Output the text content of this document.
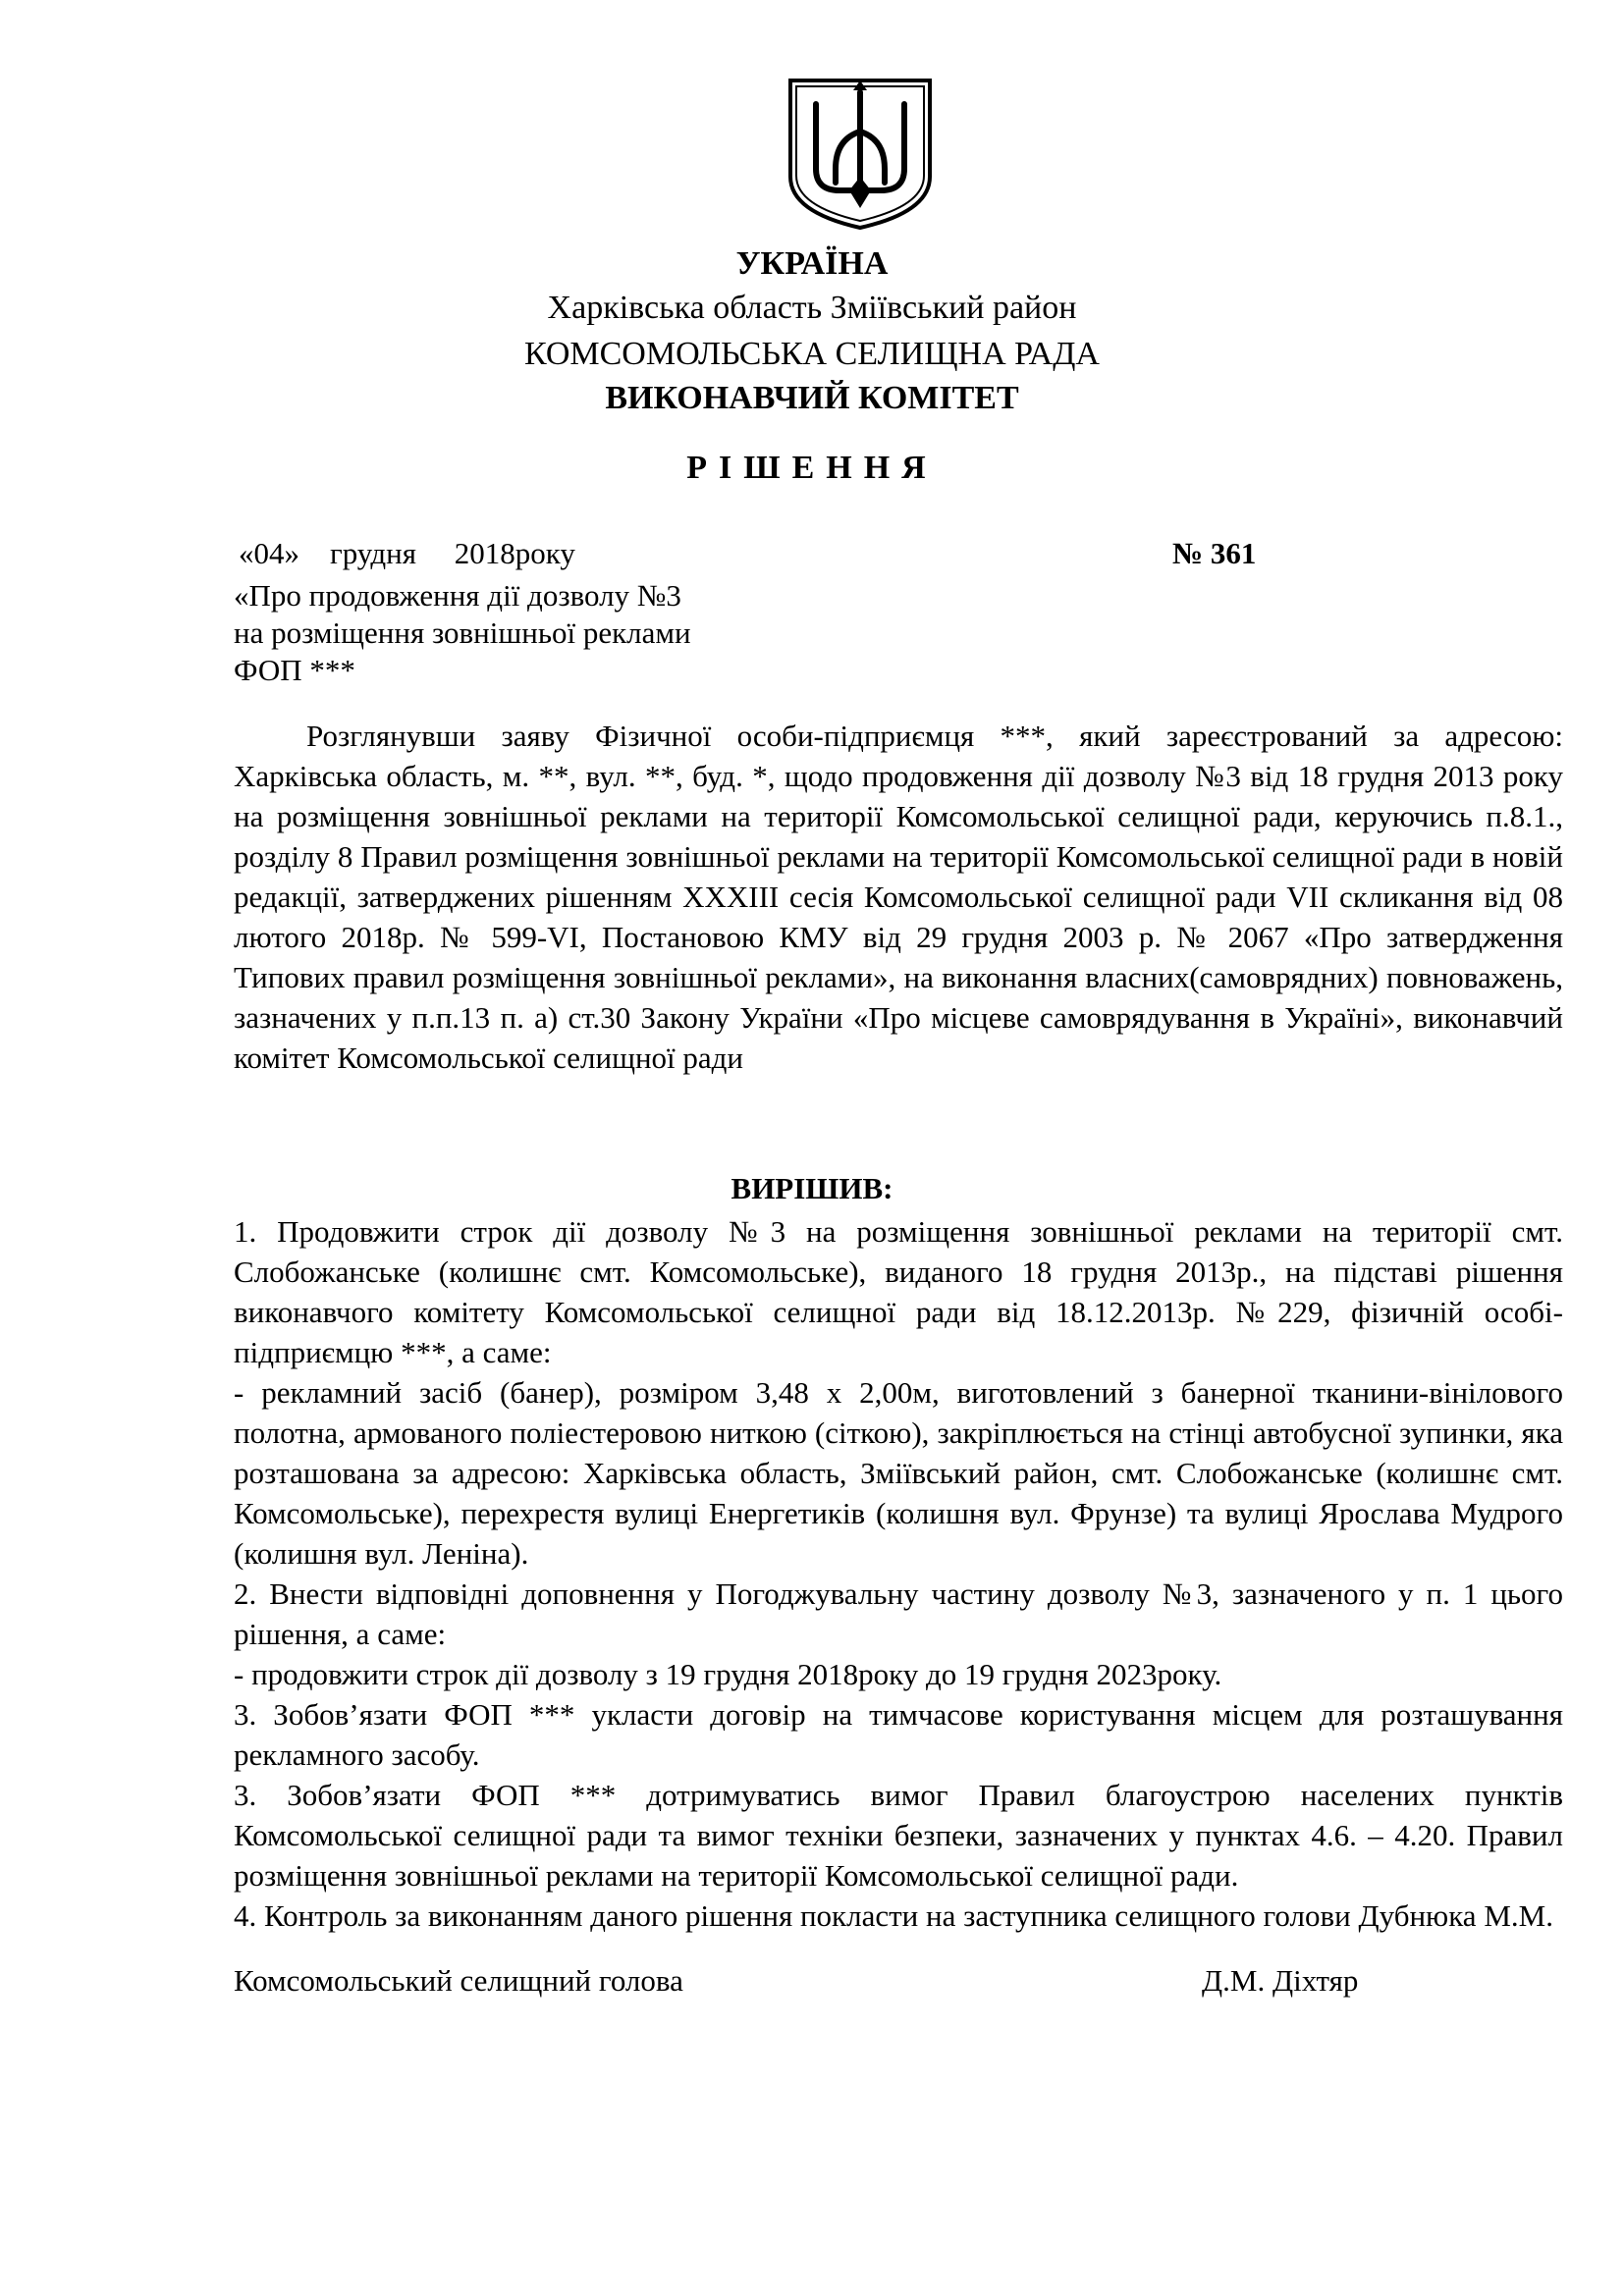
УКРАЇНА
Харківська область Зміївський район
КОМСОМОЛЬСЬКА СЕЛИЩНА РАДА
ВИКОНАВЧИЙ КОМІТЕТ
РІШЕННЯ
«04»    грудня     2018року	№ 361
«Про продовження дії дозволу №3
на розміщення зовнішньої реклами
ФОП ***
Розглянувши заяву Фізичної особи-підприємця ***, який зареєстрований за адресою: Харківська область, м. **, вул. **, буд. *, щодо продовження дії дозволу №3 від 18 грудня 2013 року на розміщення зовнішньої реклами на території Комсомольської селищної ради, керуючись п.8.1., розділу 8 Правил розміщення зовнішньої реклами на території Комсомольської селищної ради в новій редакції, затверджених рішенням XXXIII сесія Комсомольської селищної ради VII скликання від 08 лютого 2018р. № 599-VI, Постановою КМУ від 29 грудня 2003 р. № 2067 «Про затвердження Типових правил розміщення зовнішньої реклами», на виконання власних(самоврядних) повноважень, зазначених у п.п.13 п. а) ст.30 Закону України «Про місцеве самоврядування в Україні», виконавчий комітет Комсомольської селищної ради
ВИРІШИВ:

1. Продовжити строк дії дозволу №3 на розміщення зовнішньої реклами на території смт. Слобожанське (колишнє смт. Комсомольське), виданого 18 грудня 2013р., на підставі рішення виконавчого комітету Комсомольської селищної ради від 18.12.2013р. №229, фізичній особі-підприємцю ***, а саме:

- рекламний засіб (банер), розміром 3,48 х 2,00м, виготовлений з банерної тканини-вінілового полотна, армованого поліестеровою ниткою (сіткою), закріплюється на стінці автобусної зупинки, яка розташована за адресою: Харківська область, Зміївський район, смт. Слобожанське (колишнє смт. Комсомольське), перехрестя вулиці Енергетиків (колишня вул. Фрунзе) та вулиці Ярослава Мудрого (колишня вул. Леніна).

2. Внести відповідні доповнення у Погоджувальну частину дозволу №3, зазначеного у п. 1 цього рішення, а саме:

- продовжити строк дії дозволу з 19 грудня 2018року до 19 грудня 2023року.

3. Зобов’язати ФОП *** укласти договір на тимчасове користування місцем для розташування рекламного засобу.

3. Зобов’язати ФОП *** дотримуватись вимог Правил благоустрою населених пунктів Комсомольської селищної ради та вимог техніки безпеки, зазначених у пунктах 4.6. – 4.20. Правил розміщення зовнішньої реклами на території Комсомольської селищної ради.

4. Контроль за виконанням даного рішення покласти на заступника селищного голови Дубнюка М.М.

Комсомольський селищний голова	Д.М. Діхтяр
